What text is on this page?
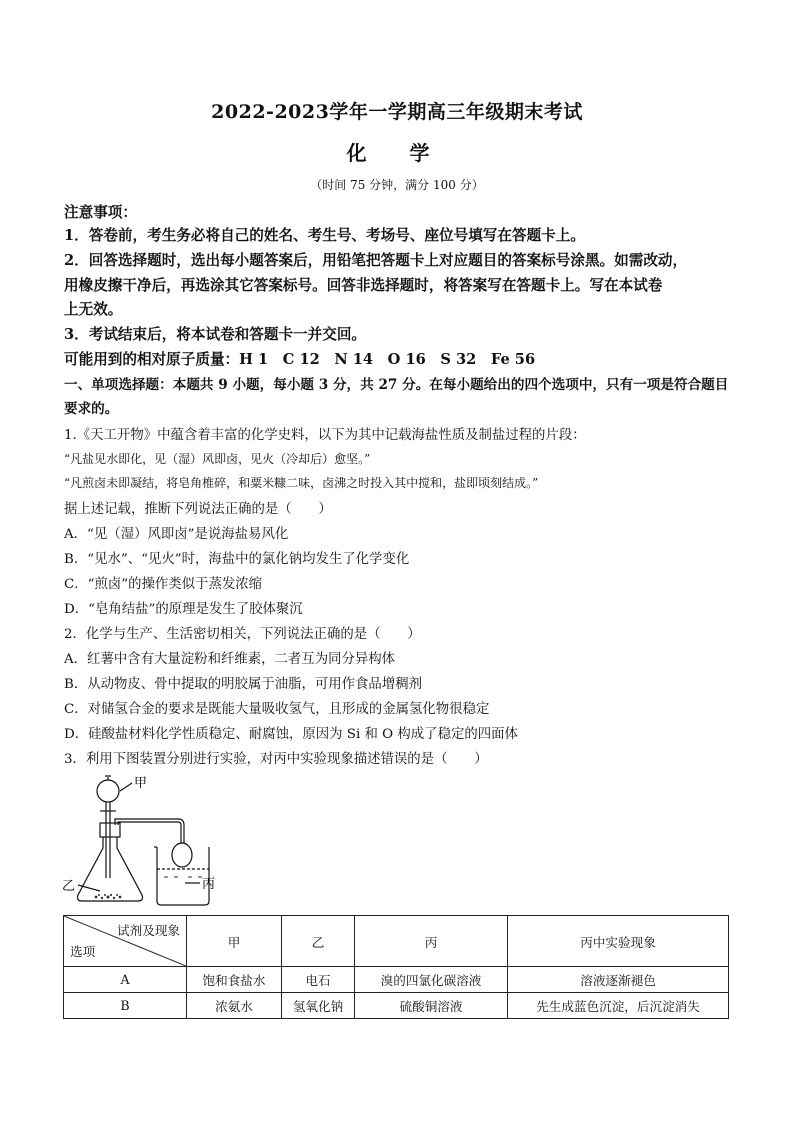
2022-2023学年一学期高三年级期末考试
化 学
（时间 75 分钟，满分 100 分）
注意事项：
1．答卷前，考生务必将自己的姓名、考生号、考场号、座位号填写在答题卡上。
2．回答选择题时，选出每小题答案后，用铅笔把答题卡上对应题目的答案标号涂黑。如需改动，
用橡皮擦干净后，再选涂其它答案标号。回答非选择题时，将答案写在答题卡上。写在本试卷
上无效。
3．考试结束后，将本试卷和答题卡一并交回。
可能用到的相对原子质量：H 1　C 12　N 14　O 16　S 32　Fe 56
一、单项选择题：本题共 9 小题，每小题 3 分，共 27 分。在每小题给出的四个选项中，只有一项是符合题目
要求的。
1.《天工开物》中蕴含着丰富的化学史料，以下为其中记载海盐性质及制盐过程的片段：
“凡盐见水即化，见（湿）风即卤，见火（冷却后）愈坚。”
“凡煎卤未即凝结，将皂角椎碎，和粟米糠二味，卤沸之时投入其中搅和，盐即顷刻结成。”
据上述记载，推断下列说法正确的是（　　）
A．“见（湿）风即卤”是说海盐易风化
B．“见水”、“见火”时，海盐中的氯化钠均发生了化学变化
C．“煎卤”的操作类似于蒸发浓缩
D．“皂角结盐”的原理是发生了胶体聚沉
2．化学与生产、生活密切相关，下列说法正确的是（　　）
A．红薯中含有大量淀粉和纤维素，二者互为同分异构体
B．从动物皮、骨中提取的明胶属于油脂，可用作食品增稠剂
C．对储氢合金的要求是既能大量吸收氢气，且形成的金属氢化物很稳定
D．硅酸盐材料化学性质稳定、耐腐蚀，原因为 Si 和 O 构成了稳定的四面体
3．利用下图装置分别进行实验，对丙中实验现象描述错误的是（　　）
甲
乙	丙
试剂及现象
选项	甲	乙	丙	丙中实验现象
A	饱和食盐水	电石	溴的四氯化碳溶液	溶液逐渐褪色
B	浓氨水	氢氧化钠	硫酸铜溶液	先生成蓝色沉淀，后沉淀消失
